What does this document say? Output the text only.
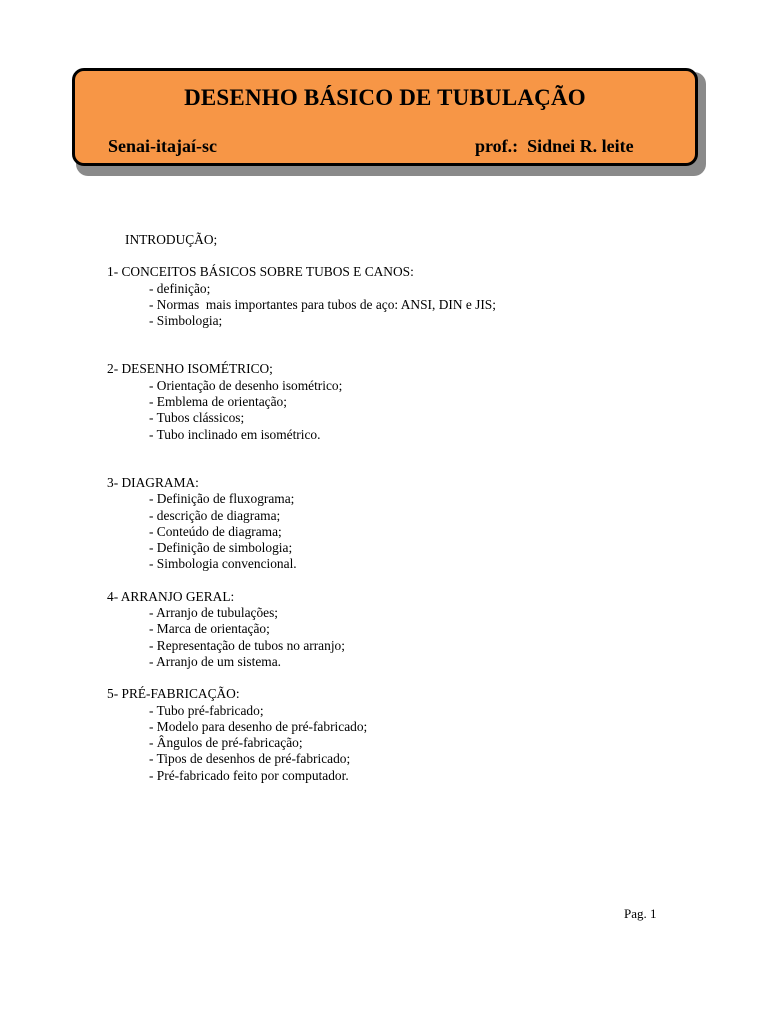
DESENHO BÁSICO DE TUBULAÇÃO
Senai-itajaí-sc	prof.:  Sidnei R. leite
INTRODUÇÃO;
1- CONCEITOS BÁSICOS SOBRE TUBOS E CANOS:
- definição;
- Normas  mais importantes para tubos de aço: ANSI, DIN e JIS;
- Simbologia;
2- DESENHO ISOMÉTRICO;
- Orientação de desenho isométrico;
- Emblema de orientação;
- Tubos clássicos;
- Tubo inclinado em isométrico.
3- DIAGRAMA:
- Definição de fluxograma;
- descrição de diagrama;
- Conteúdo de diagrama;
- Definição de simbologia;
- Simbologia convencional.
4- ARRANJO GERAL:
- Arranjo de tubulações;
- Marca de orientação;
- Representação de tubos no arranjo;
- Arranjo de um sistema.
5- PRÉ-FABRICAÇÃO:
- Tubo pré-fabricado;
- Modelo para desenho de pré-fabricado;
- Ângulos de pré-fabricação;
- Tipos de desenhos de pré-fabricado;
- Pré-fabricado feito por computador.
Pag. 1
